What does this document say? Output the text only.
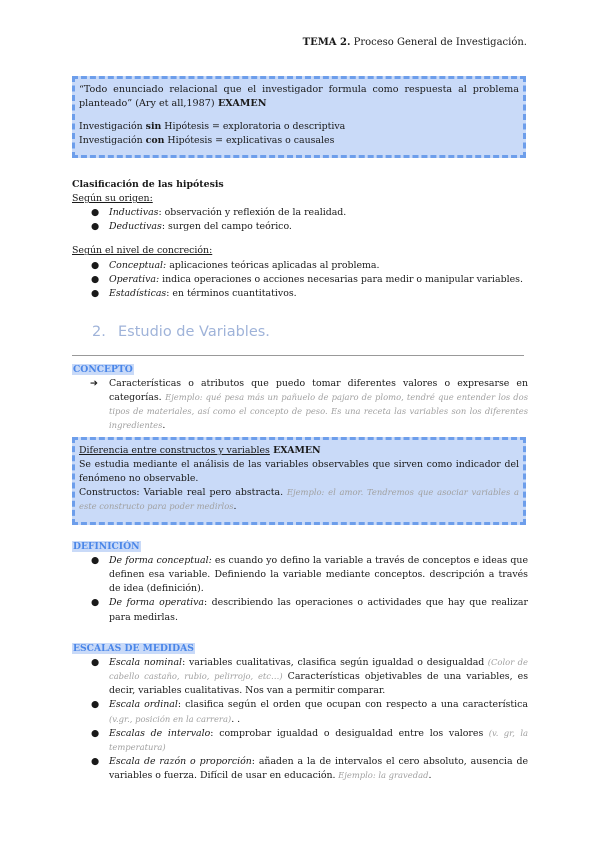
TEMA 2. Proceso General de Investigación.
“Todo enunciado relacional que el investigador formula como respuesta al problema planteado” (Ary et all,1987) EXAMEN
Investigación sin Hipótesis = exploratoria o descriptiva
Investigación con Hipótesis = explicativas o causales
Clasificación de las hipótesis
Según su origen:
● Inductivas: observación y reflexión de la realidad.
● Deductivas: surgen del campo teórico.
Según el nivel de concreción:
● Conceptual: aplicaciones teóricas aplicadas al problema.
● Operativa: indica operaciones o acciones necesarias para medir o manipular variables.
● Estadísticas: en términos cuantitativos.
2. Estudio de Variables.
CONCEPTO
➔ Características o atributos que puedo tomar diferentes valores o expresarse en categorías. Ejemplo: qué pesa más un pañuelo de pajaro de plomo, tendré que entender los dos tipos de materiales, así como el concepto de peso. Es una receta las variables son los diferentes ingredientes.
Diferencia entre constructos y variables EXAMEN
Se estudia mediante el análisis de las variables observables que sirven como indicador del fenómeno no observable.
Constructos: Variable real pero abstracta. Ejemplo: el amor. Tendremos que asociar variables a este constructo para poder medirlos.
DEFINICIÓN
● De forma conceptual: es cuando yo defino la variable a través de conceptos e ideas que definen esa variable. Definiendo la variable mediante conceptos. descripción a través de idea (definición).
● De forma operativa: describiendo las operaciones o actividades que hay que realizar para medirlas.
ESCALAS DE MEDIDAS
● Escala nominal: variables cualitativas, clasifica según igualdad o desigualdad (Color de cabello castaño, rubio, pelirrojo, etc…) Características objetivables de una variables, es decir, variables cualitativas. Nos van a permitir comparar.
● Escala ordinal: clasifica según el orden que ocupan con respecto a una característica (v.gr., posición en la carrera). .
● Escalas de intervalo: comprobar igualdad o desigualdad entre los valores (v. gr, la temperatura)
● Escala de razón o proporción: añaden a la de intervalos el cero absoluto, ausencia de variables o fuerza. Difícil de usar en educación. Ejemplo: la gravedad.
